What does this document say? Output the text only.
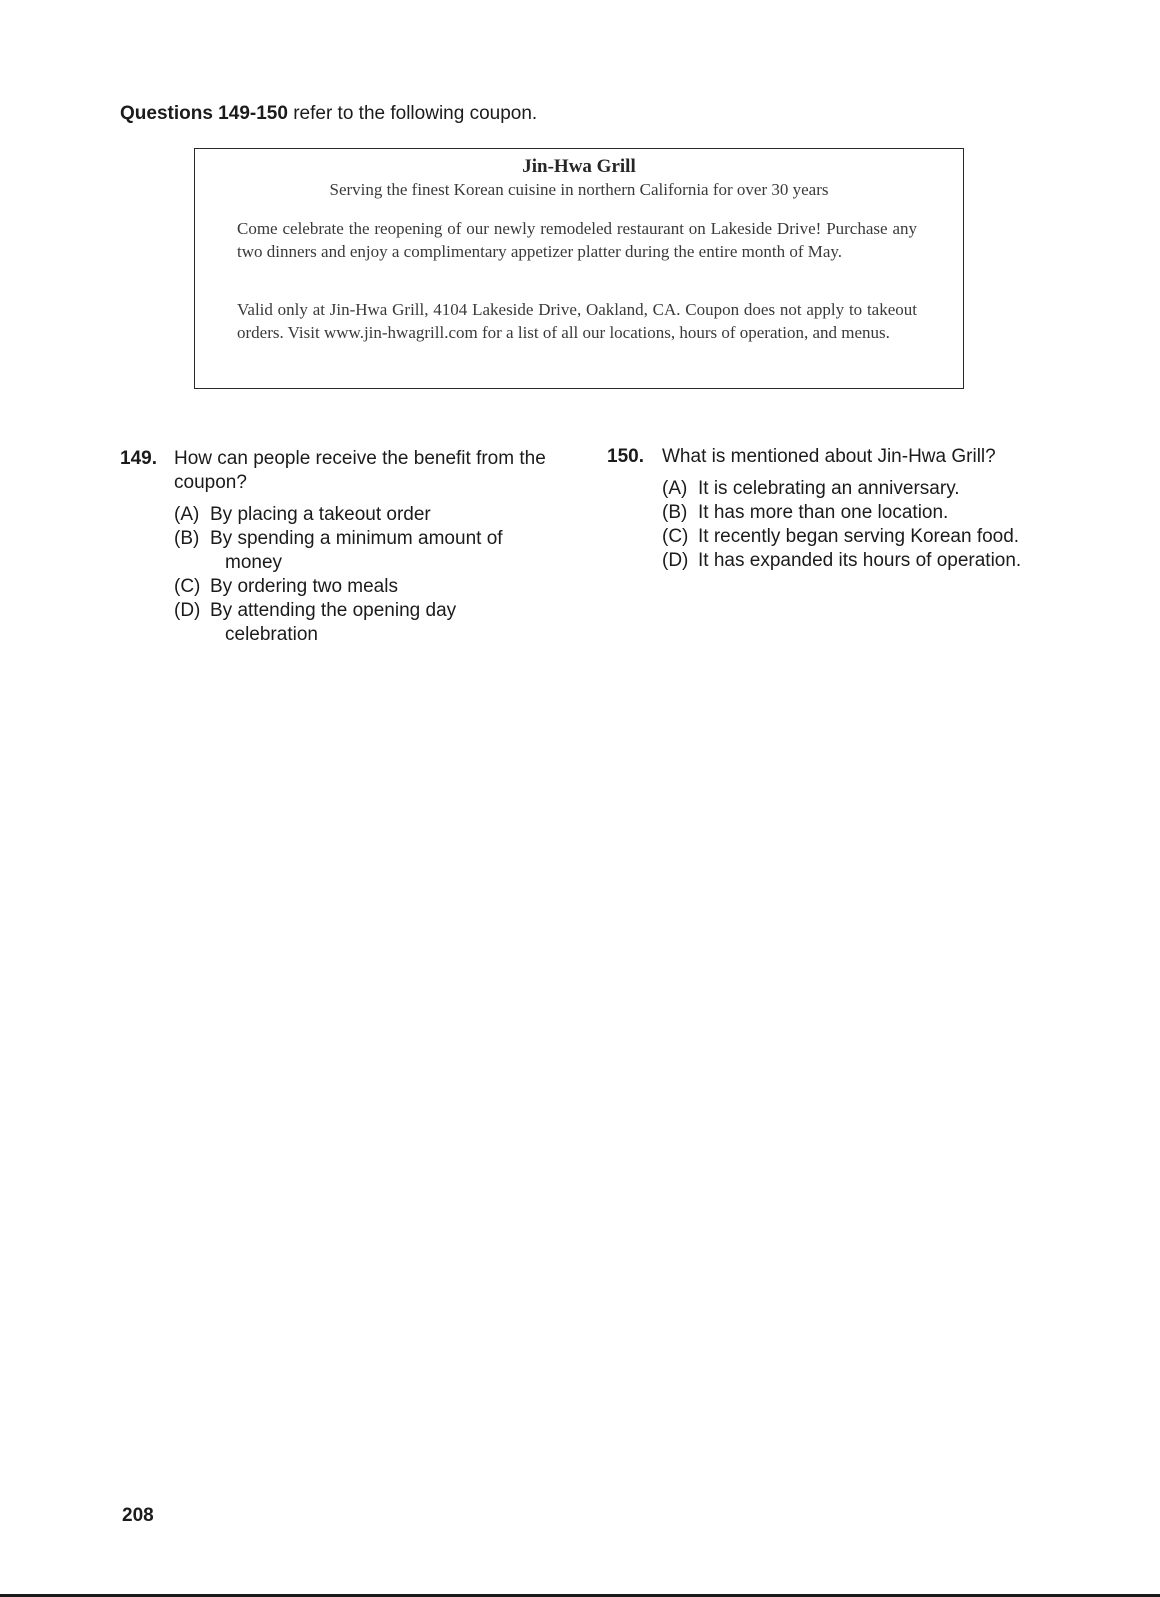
Questions 149-150 refer to the following coupon.
Jin-Hwa Grill
Serving the finest Korean cuisine in northern California for over 30 years
Come celebrate the reopening of our newly remodeled restaurant on Lakeside Drive! Purchase any two dinners and enjoy a complimentary appetizer platter during the entire month of May.
Valid only at Jin-Hwa Grill, 4104 Lakeside Drive, Oakland, CA. Coupon does not apply to takeout orders. Visit www.jin-hwagrill.com for a list of all our locations, hours of operation, and menus.
149. How can people receive the benefit from the coupon?
(A) By placing a takeout order
(B) By spending a minimum amount of money
(C) By ordering two meals
(D) By attending the opening day celebration
150. What is mentioned about Jin-Hwa Grill?
(A) It is celebrating an anniversary.
(B) It has more than one location.
(C) It recently began serving Korean food.
(D) It has expanded its hours of operation.
208
